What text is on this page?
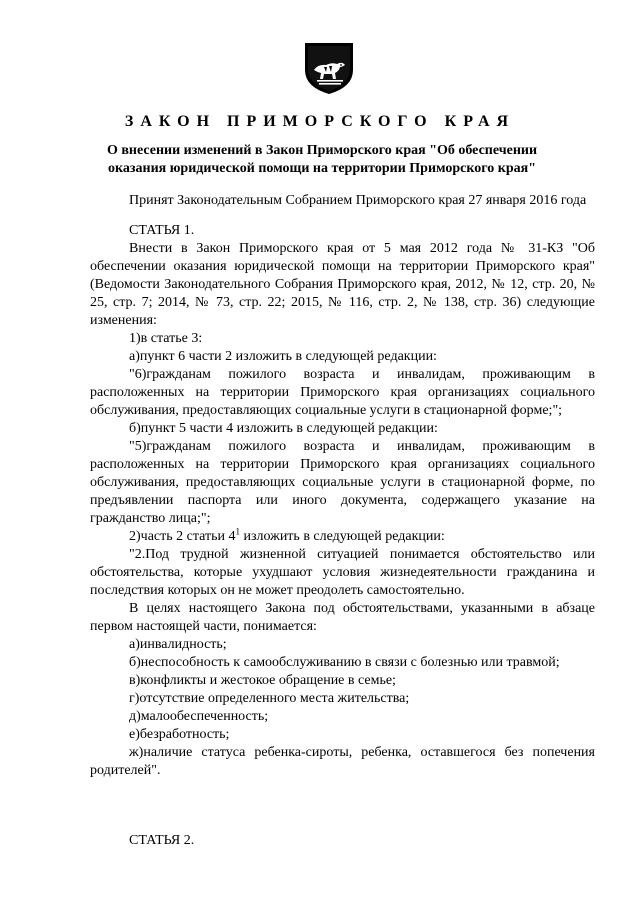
ЗАКОН ПРИМОРСКОГО КРАЯ
О внесении изменений в Закон Приморского края "Об обеспечении
оказания юридической помощи на территории Приморского края"

Принят Законодательным Собранием Приморского края 27 января 2016 года

СТАТЬЯ 1.

Внести в Закон Приморского края от 5 мая 2012 года № 31-КЗ "Об обеспечении оказания юридической помощи на территории Приморского края" (Ведомости Законодательного Собрания Приморского края, 2012, № 12, стр. 20, № 25, стр. 7; 2014, № 73, стр. 22; 2015, № 116, стр. 2, № 138, стр. 36) следующие изменения:

1)в статье 3:

а)пункт 6 части 2 изложить в следующей редакции:

"6)гражданам пожилого возраста и инвалидам, проживающим в расположенных на территории Приморского края организациях социального обслуживания, предоставляющих социальные услуги в стационарной форме;";

б)пункт 5 части 4 изложить в следующей редакции:

"5)гражданам пожилого возраста и инвалидам, проживающим в расположенных на территории Приморского края организациях социального обслуживания, предоставляющих социальные услуги в стационарной форме, по предъявлении паспорта или иного документа, содержащего указание на гражданство лица;";

2)часть 2 статьи $4^1$ изложить в следующей редакции:

"2.Под трудной жизненной ситуацией понимается обстоятельство или обстоятельства, которые ухудшают условия жизнедеятельности гражданина и последствия которых он не может преодолеть самостоятельно.

В целях настоящего Закона под обстоятельствами, указанными в абзаце первом настоящей части, понимается:

а)инвалидность;

б)неспособность к самообслуживанию в связи с болезнью или травмой;

в)конфликты и жестокое обращение в семье;

г)отсутствие определенного места жительства;

д)малообеспеченность;

е)безработность;

ж)наличие статуса ребенка-сироты, ребенка, оставшегося без попечения родителей".

СТАТЬЯ 2.
